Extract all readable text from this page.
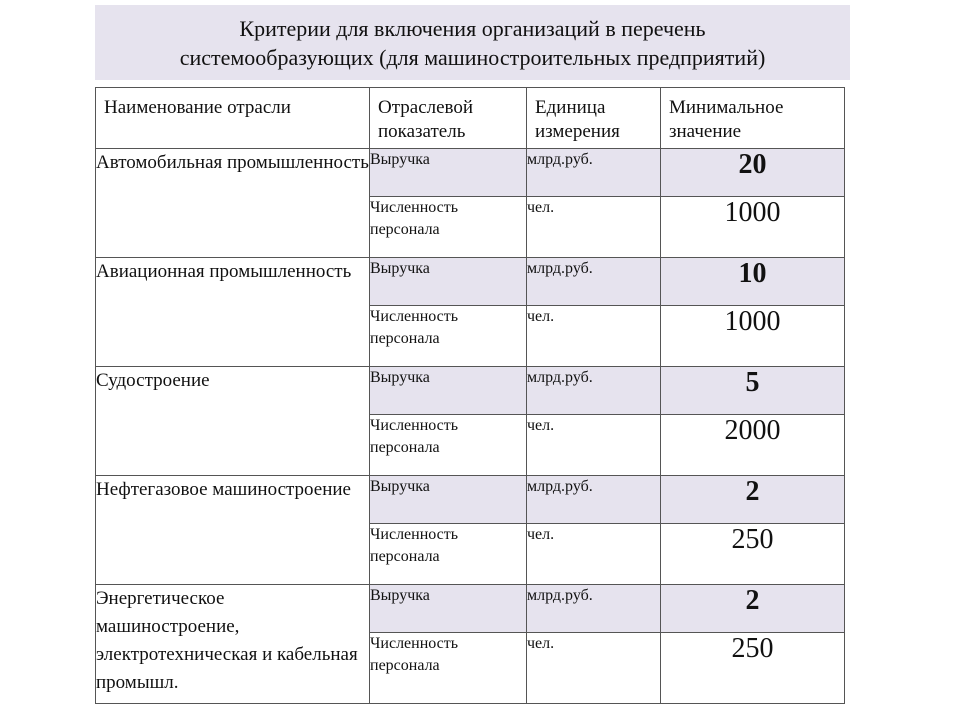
Критерии для включения организаций в перечень
системообразующих (для машиностроительных предприятий)
Наименование отрасли	Отраслевой показатель	Единица измерения	Минимальное значение
Автомобильная промышленность	Выручка	млрд.руб.	20
	Численность персонала	чел.	1000
Авиационная промышленность	Выручка	млрд.руб.	10
	Численность персонала	чел.	1000
Судостроение	Выручка	млрд.руб.	5
	Численность персонала	чел.	2000
Нефтегазовое машиностроение	Выручка	млрд.руб.	2
	Численность персонала	чел.	250
Энергетическое машиностроение, электротехническая и кабельная промышл.	Выручка	млрд.руб.	2
	Численность персонала	чел.	250
